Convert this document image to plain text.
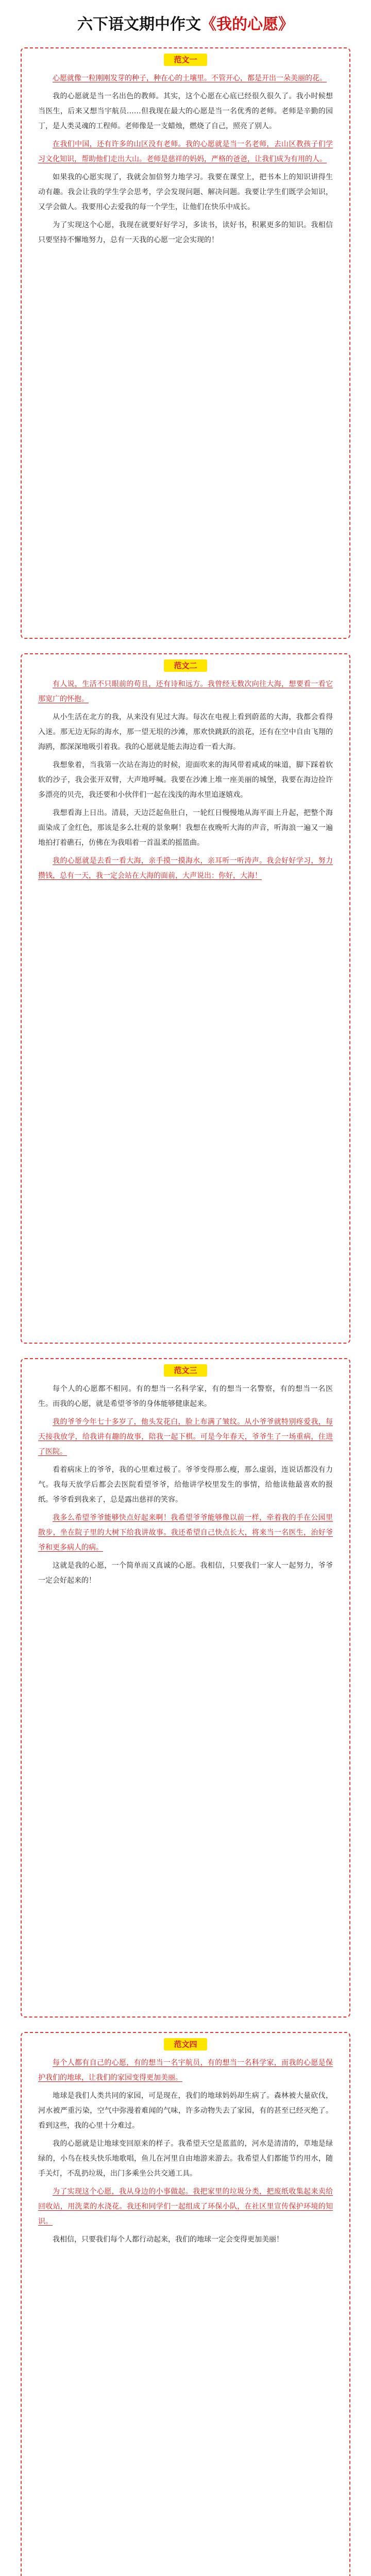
六下语文期中作文《我的心愿》
范文一

心愿就像一粒刚刚发芽的种子，种在心的土壤里。不管开心，都是开出一朵美丽的花。

我的心愿就是当一名出色的教师。其实，这个心愿在心底已经很久很久了。我小时候想当医生，后来又想当宇航员……但我现在最大的心愿是当一名优秀的老师。老师是辛勤的园丁，是人类灵魂的工程师。老师像是一支蜡烛，燃烧了自己，照亮了别人。

在我们中国，还有许多的山区没有老师。我的心愿就是当一名老师，去山区教孩子们学习文化知识，帮助他们走出大山。老师是慈祥的妈妈，严格的爸爸，让我们成为有用的人。

如果我的心愿实现了，我就会加倍努力地学习。我要在课堂上，把书本上的知识讲得生动有趣。我会让我的学生学会思考，学会发现问题、解决问题。我要让学生们既学会知识，又学会做人。我要用心去爱我的每一个学生，让他们在快乐中成长。

为了实现这个心愿，我现在就要好好学习，多读书，读好书，积累更多的知识。我相信只要坚持不懈地努力，总有一天我的心愿一定会实现的！

范文二

有人说，生活不只眼前的苟且，还有诗和远方。我曾经无数次向往大海，想要看一看它那宽广的怀抱。

从小生活在北方的我，从来没有见过大海。每次在电视上看到蔚蓝的大海，我都会看得入迷。那无边无际的海水，那一望无垠的沙滩，那欢快跳跃的浪花，还有在空中自由飞翔的海鸥，都深深地吸引着我。我的心愿就是能去海边看一看大海。

我想象着，当我第一次站在海边的时候，迎面吹来的海风带着咸咸的味道，脚下踩着软软的沙子，我会张开双臂，大声地呼喊。我要在沙滩上堆一座美丽的城堡，我要在海边捡许多漂亮的贝壳，我还要和小伙伴们一起在浅浅的海水里追逐嬉戏。

我想看海上日出。清晨，天边泛起鱼肚白，一轮红日慢慢地从海平面上升起，把整个海面染成了金红色，那该是多么壮观的景象啊！我想在夜晚听大海的声音，听海浪一遍又一遍地拍打着礁石，仿佛在为我唱着一首温柔的摇篮曲。

我的心愿就是去看一看大海，亲手摸一摸海水，亲耳听一听涛声。我会好好学习，努力攒钱，总有一天，我一定会站在大海的面前，大声说出：你好，大海！

范文三

每个人的心愿都不相同。有的想当一名科学家，有的想当一名警察，有的想当一名医生。而我的心愿，就是希望爷爷的身体能够健康起来。

我的爷爷今年七十多岁了，他头发花白，脸上布满了皱纹。从小爷爷就特别疼爱我，每天接我放学，给我讲有趣的故事，陪我一起下棋。可是今年春天，爷爷生了一场重病，住进了医院。

看着病床上的爷爷，我的心里难过极了。爷爷变得那么瘦，那么虚弱，连说话都没有力气。我每天放学后都会去医院看望爷爷，给他讲学校里发生的事情，给他读他最喜欢的报纸。爷爷看到我来了，总是露出慈祥的笑容。

我多么希望爷爷能够快点好起来啊！我希望爷爷能够像以前一样，牵着我的手在公园里散步，坐在院子里的大树下给我讲故事。我还希望自己快点长大，将来当一名医生，治好爷爷和更多病人的病。

这就是我的心愿，一个简单而又真诚的心愿。我相信，只要我们一家人一起努力，爷爷一定会好起来的！

范文四

每个人都有自己的心愿，有的想当一名宇航员，有的想当一名科学家，而我的心愿是保护我们的地球，让我们的家园变得更加美丽。

地球是我们人类共同的家园，可是现在，我们的地球妈妈却生病了。森林被大量砍伐，河水被严重污染，空气中弥漫着难闻的气味，许多动物失去了家园，有的甚至已经灭绝了。看到这些，我的心里十分难过。

我的心愿就是让地球变回原来的样子。我希望天空是蓝蓝的，河水是清清的，草地是绿绿的，小鸟在枝头快乐地歌唱，鱼儿在河里自由地游来游去。我希望人们都能节约用水，随手关灯，不乱扔垃圾，出门多乘坐公共交通工具。

为了实现这个心愿，我从身边的小事做起。我把家里的垃圾分类，把废纸收集起来卖给回收站，用洗菜的水浇花。我还和同学们一起组成了环保小队，在社区里宣传保护环境的知识。

我相信，只要我们每个人都行动起来，我们的地球一定会变得更加美丽！
